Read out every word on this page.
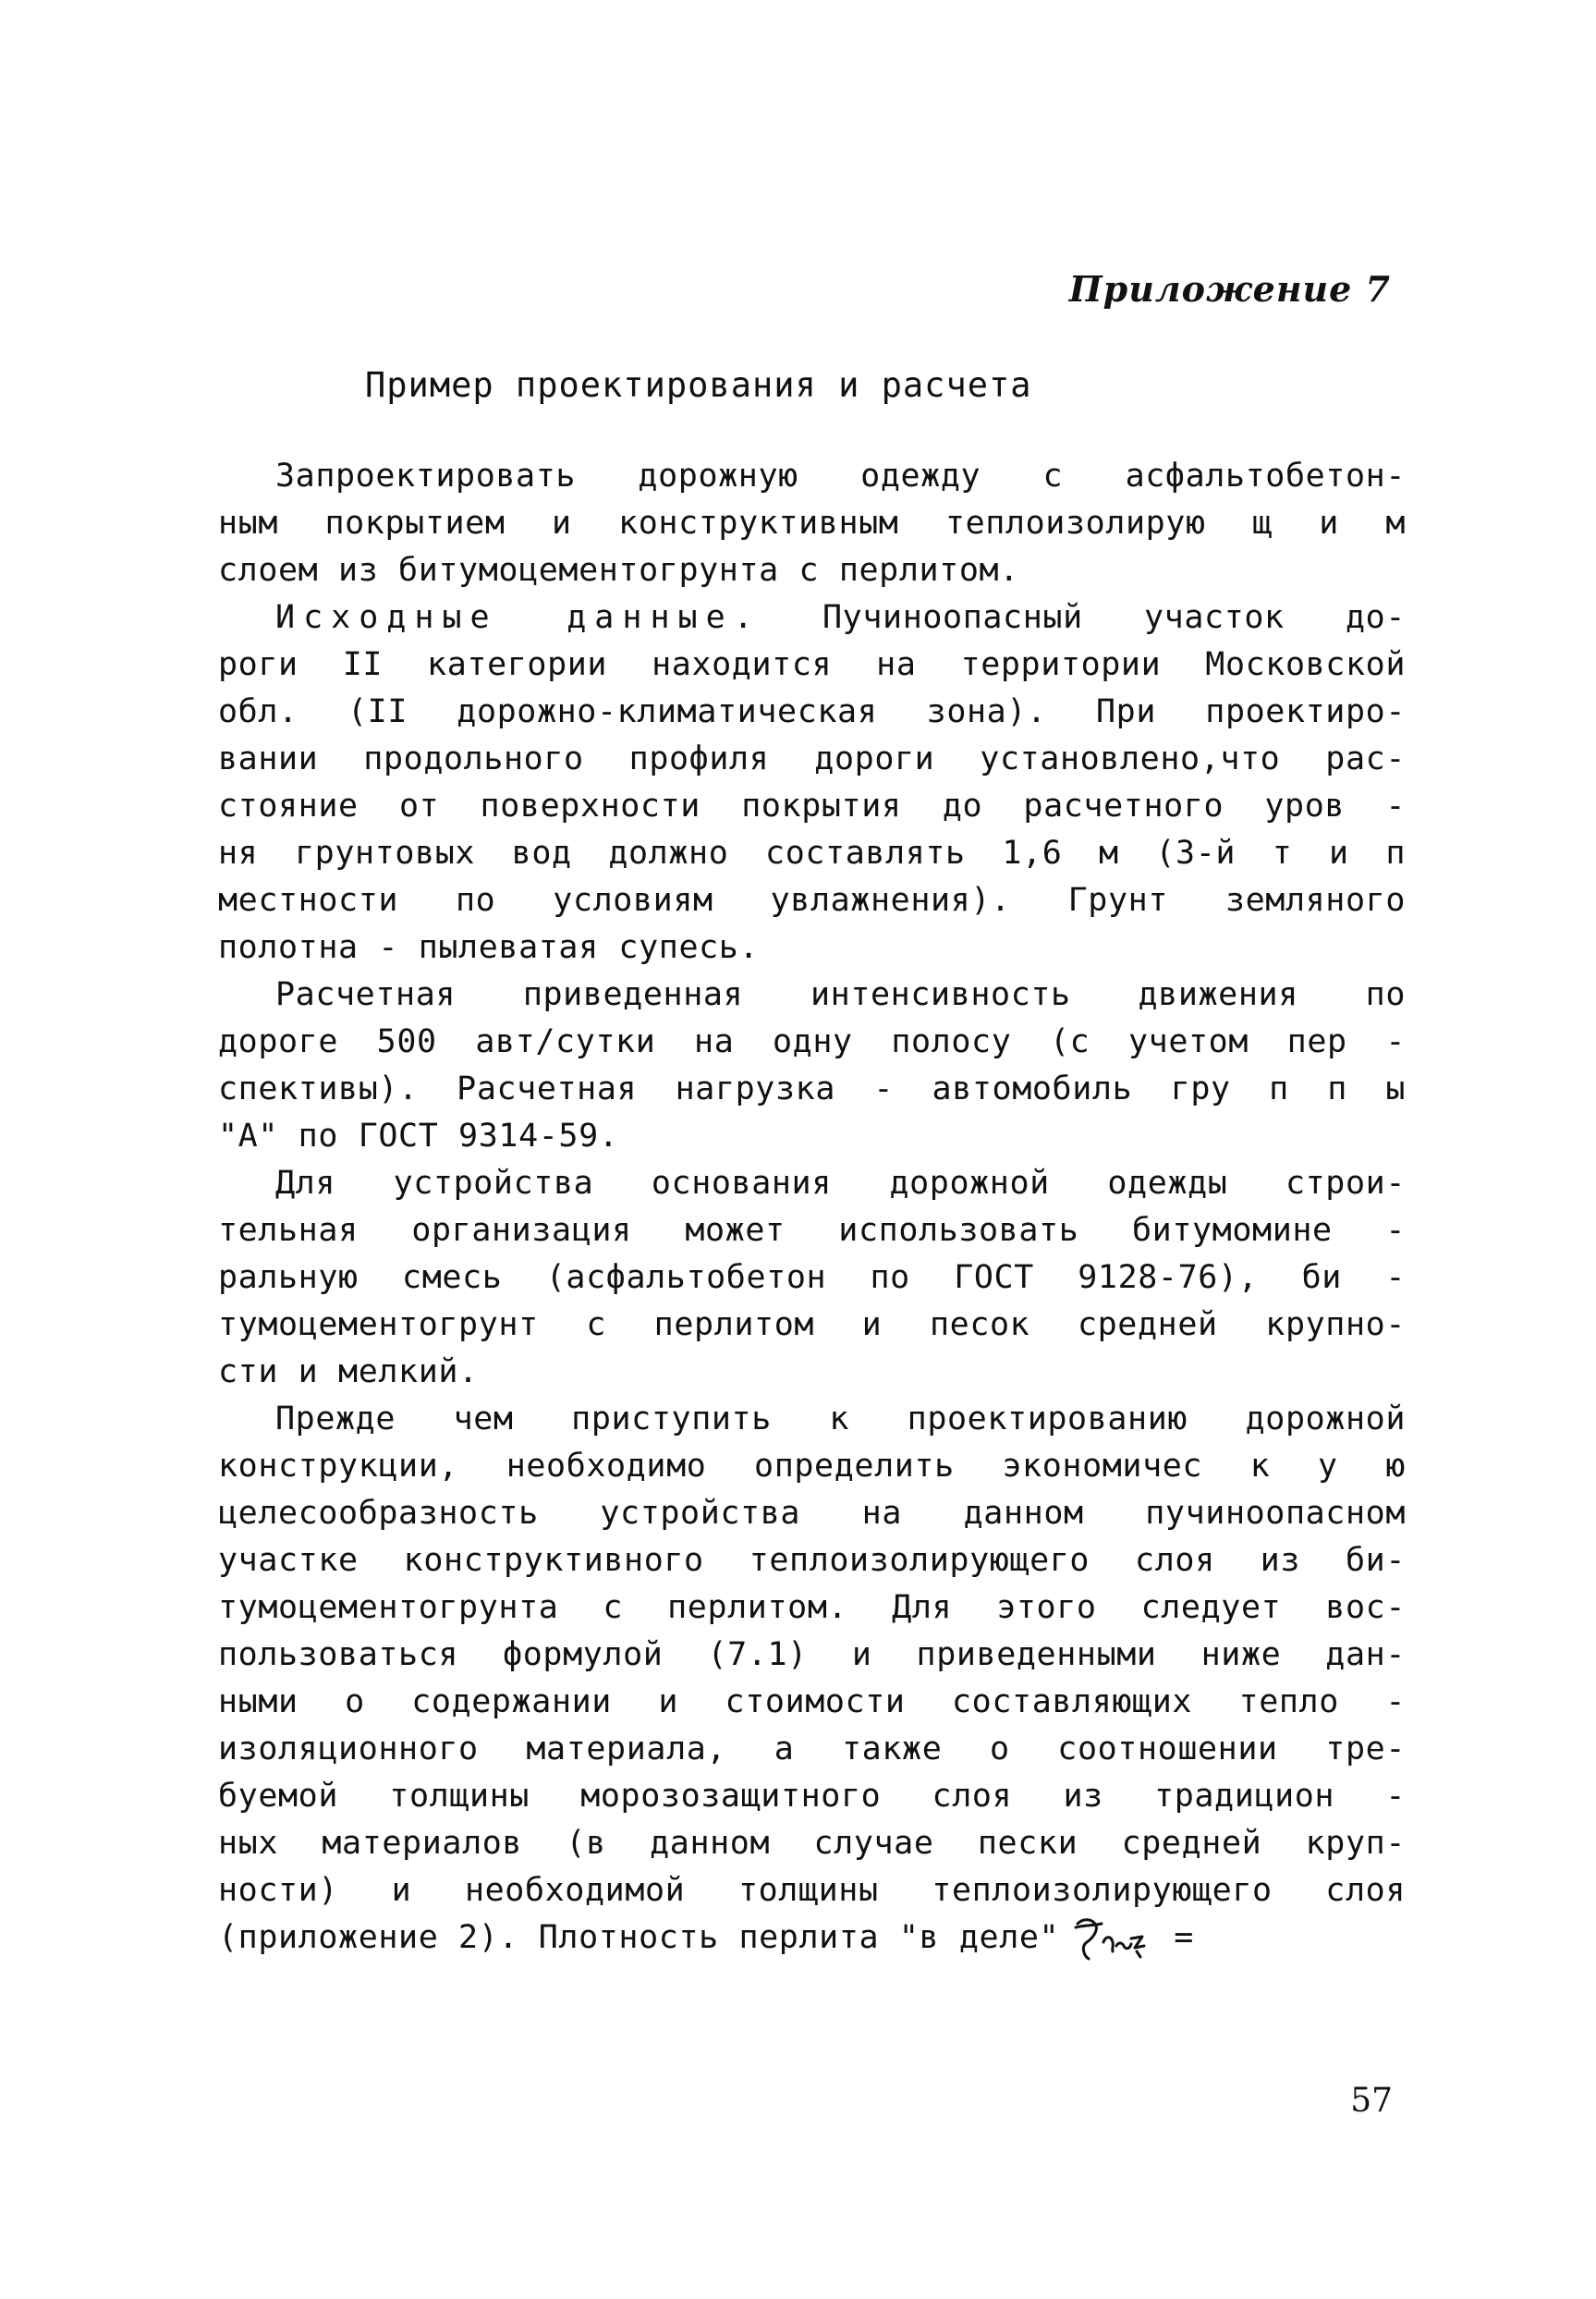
Приложение 7
Пример проектирования и расчета
Запроектировать дорожную одежду с асфальтобетон-
ным покрытием и конструктивным теплоизолирую щ и м
слоем из битумоцементогрунта с перлитом.
Исходные данные. Пучиноопасный участок до-
роги II категории находится на территории Московской
обл. (II дорожно-климатическая зона). При проектиро-
вании продольного профиля дороги установлено,что рас-
стояние от поверхности покрытия до расчетного уров -
ня грунтовых вод должно составлять 1,6 м (3-й т и п
местности по условиям увлажнения). Грунт земляного
полотна - пылеватая супесь.
Расчетная приведенная интенсивность движения по
дороге 500 авт/сутки на одну полосу (с учетом пер -
спективы). Расчетная нагрузка - автомобиль гру п п ы
"А" по ГОСТ 9314-59.
Для устройства основания дорожной одежды строи-
тельная организация может использовать битумомине -
ральную смесь (асфальтобетон по ГОСТ 9128-76), би -
тумоцементогрунт с перлитом и песок средней крупно-
сти и мелкий.
Прежде чем приступить к проектированию дорожной
конструкции, необходимо определить экономичес к у ю
целесообразность устройства на данном пучиноопасном
участке конструктивного теплоизолирующего слоя из би-
тумоцементогрунта с перлитом. Для этого следует вос-
пользоваться формулой (7.1) и приведенными ниже дан-
ными о содержании и стоимости составляющих тепло -
изоляционного материала, а также о соотношении тре-
буемой толщины морозозащитного слоя из традицион -
ных материалов (в данном случае пески средней круп-
ности) и необходимой толщины теплоизолирующего слоя
(приложение 2). Плотность перлита "в деле"	=
57
